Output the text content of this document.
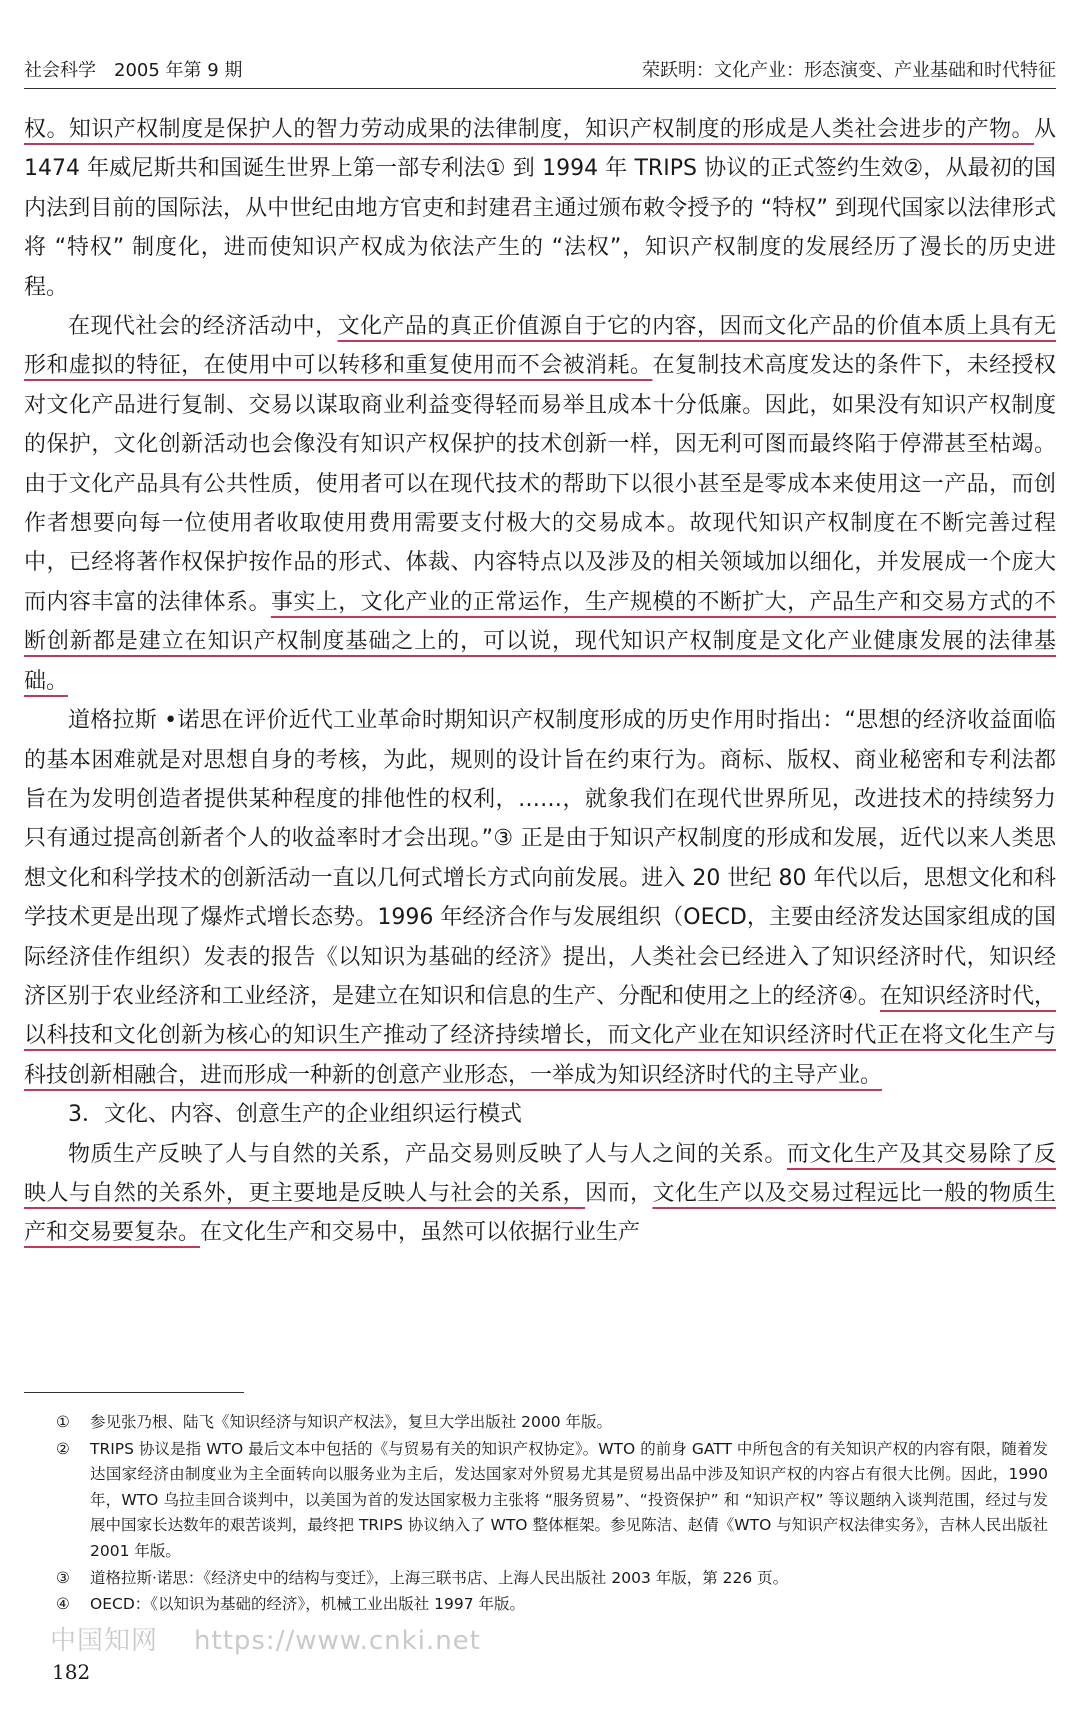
社会科学　2005 年第 9 期	荣跃明：文化产业：形态演变、产业基础和时代特征

权。知识产权制度是保护人的智力劳动成果的法律制度，知识产权制度的形成是人类社会进步的产物。从 1474 年威尼斯共和国诞生世界上第一部专利法① 到 1994 年 TRIPS 协议的正式签约生效②，从最初的国内法到目前的国际法，从中世纪由地方官吏和封建君主通过颁布敕令授予的 “特权” 到现代国家以法律形式将 “特权” 制度化，进而使知识产权成为依法产生的 “法权”，知识产权制度的发展经历了漫长的历史进程。

在现代社会的经济活动中，文化产品的真正价值源自于它的内容，因而文化产品的价值本质上具有无形和虚拟的特征，在使用中可以转移和重复使用而不会被消耗。在复制技术高度发达的条件下，未经授权对文化产品进行复制、交易以谋取商业利益变得轻而易举且成本十分低廉。因此，如果没有知识产权制度的保护，文化创新活动也会像没有知识产权保护的技术创新一样，因无利可图而最终陷于停滞甚至枯竭。由于文化产品具有公共性质，使用者可以在现代技术的帮助下以很小甚至是零成本来使用这一产品，而创作者想要向每一位使用者收取使用费用需要支付极大的交易成本。故现代知识产权制度在不断完善过程中，已经将著作权保护按作品的形式、体裁、内容特点以及涉及的相关领域加以细化，并发展成一个庞大而内容丰富的法律体系。事实上，文化产业的正常运作，生产规模的不断扩大，产品生产和交易方式的不断创新都是建立在知识产权制度基础之上的，可以说，现代知识产权制度是文化产业健康发展的法律基础。

道格拉斯 •诺思在评价近代工业革命时期知识产权制度形成的历史作用时指出：“思想的经济收益面临的基本困难就是对思想自身的考核，为此，规则的设计旨在约束行为。商标、版权、商业秘密和专利法都旨在为发明创造者提供某种程度的排他性的权利，……，就象我们在现代世界所见，改进技术的持续努力只有通过提高创新者个人的收益率时才会出现。”③ 正是由于知识产权制度的形成和发展，近代以来人类思想文化和科学技术的创新活动一直以几何式增长方式向前发展。进入 20 世纪 80 年代以后，思想文化和科学技术更是出现了爆炸式增长态势。1996 年经济合作与发展组织（OECD，主要由经济发达国家组成的国际经济佳作组织）发表的报告《以知识为基础的经济》提出，人类社会已经进入了知识经济时代，知识经济区别于农业经济和工业经济，是建立在知识和信息的生产、分配和使用之上的经济④。在知识经济时代，以科技和文化创新为核心的知识生产推动了经济持续增长，而文化产业在知识经济时代正在将文化生产与科技创新相融合，进而形成一种新的创意产业形态，一举成为知识经济时代的主导产业。

3．文化、内容、创意生产的企业组织运行模式

物质生产反映了人与自然的关系，产品交易则反映了人与人之间的关系。而文化生产及其交易除了反映人与自然的关系外，更主要地是反映人与社会的关系，因而，文化生产以及交易过程远比一般的物质生产和交易要复杂。在文化生产和交易中，虽然可以依据行业生产

①	参见张乃根、陆飞《知识经济与知识产权法》，复旦大学出版社 2000 年版。
②	TRIPS 协议是指 WTO 最后文本中包括的《与贸易有关的知识产权协定》。WTO 的前身 GATT 中所包含的有关知识产权的内容有限，随着发达国家经济由制度业为主全面转向以服务业为主后，发达国家对外贸易尤其是贸易出品中涉及知识产权的内容占有很大比例。因此，1990 年，WTO 乌拉圭回合谈判中，以美国为首的发达国家极力主张将 “服务贸易”、“投资保护” 和 “知识产权” 等议题纳入谈判范围，经过与发展中国家长达数年的艰苦谈判，最终把 TRIPS 协议纳入了 WTO 整体框架。参见陈洁、赵倩《WTO 与知识产权法律实务》，吉林人民出版社 2001 年版。
③	道格拉斯·诺思：《经济史中的结构与变迁》，上海三联书店、上海人民出版社 2003 年版，第 226 页。
④	OECD：《以知识为基础的经济》，机械工业出版社 1997 年版。
中国知网 https://www.cnki.net
182
